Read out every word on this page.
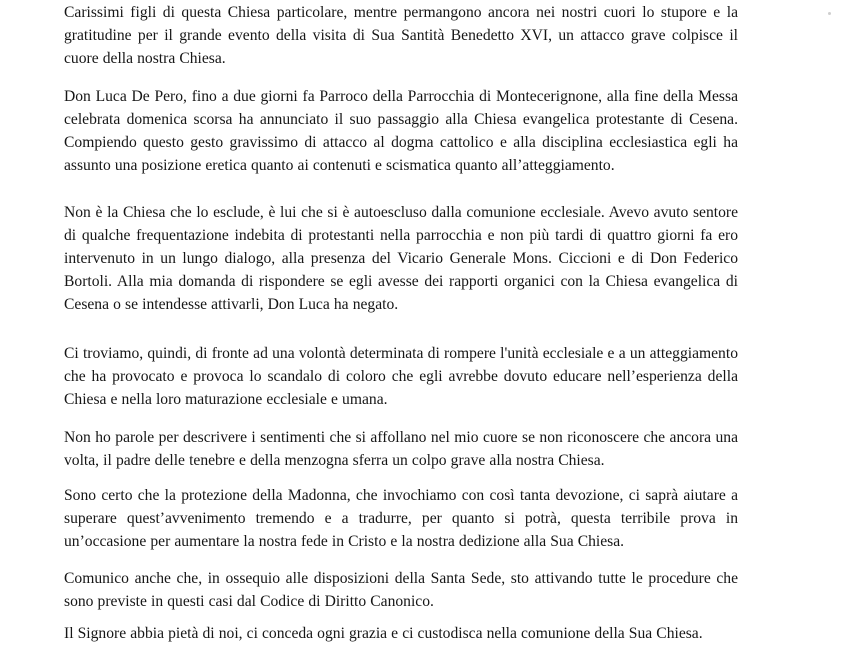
Carissimi figli di questa Chiesa particolare, mentre permangono ancora nei nostri cuori lo stupore e la gratitudine per il grande evento della visita di Sua Santità Benedetto XVI, un attacco grave colpisce il cuore della nostra Chiesa.

Don Luca De Pero, fino a due giorni fa Parroco della Parrocchia di Montecerignone, alla fine della Messa celebrata domenica scorsa ha annunciato il suo passaggio alla Chiesa evangelica protestante di Cesena. Compiendo questo gesto gravissimo di attacco al dogma cattolico e alla disciplina ecclesiastica egli ha assunto una posizione eretica quanto ai contenuti e scismatica quanto all’atteggiamento.

Non è la Chiesa che lo esclude, è lui che si è autoescluso dalla comunione ecclesiale. Avevo avuto sentore di qualche frequentazione indebita di protestanti nella parrocchia e non più tardi di quattro giorni fa ero intervenuto in un lungo dialogo, alla presenza del Vicario Generale Mons. Ciccioni e di Don Federico Bortoli. Alla mia domanda di rispondere se egli avesse dei rapporti organici con la Chiesa evangelica di Cesena o se intendesse attivarli, Don Luca ha negato.

Ci troviamo, quindi, di fronte ad una volontà determinata di rompere l'unità ecclesiale e a un atteggiamento che ha provocato e provoca lo scandalo di coloro che egli avrebbe dovuto educare nell’esperienza della Chiesa e nella loro maturazione ecclesiale e umana.

Non ho parole per descrivere i sentimenti che si affollano nel mio cuore se non riconoscere che ancora una volta, il padre delle tenebre e della menzogna sferra un colpo grave alla nostra Chiesa.

Sono certo che la protezione della Madonna, che invochiamo con così tanta devozione, ci saprà aiutare a superare quest’avvenimento tremendo e a tradurre, per quanto si potrà, questa terribile prova in un’occasione per aumentare la nostra fede in Cristo e la nostra dedizione alla Sua Chiesa.

Comunico anche che, in ossequio alle disposizioni della Santa Sede, sto attivando tutte le procedure che sono previste in questi casi dal Codice di Diritto Canonico.

Il Signore abbia pietà di noi, ci conceda ogni grazia e ci custodisca nella comunione della Sua Chiesa.
